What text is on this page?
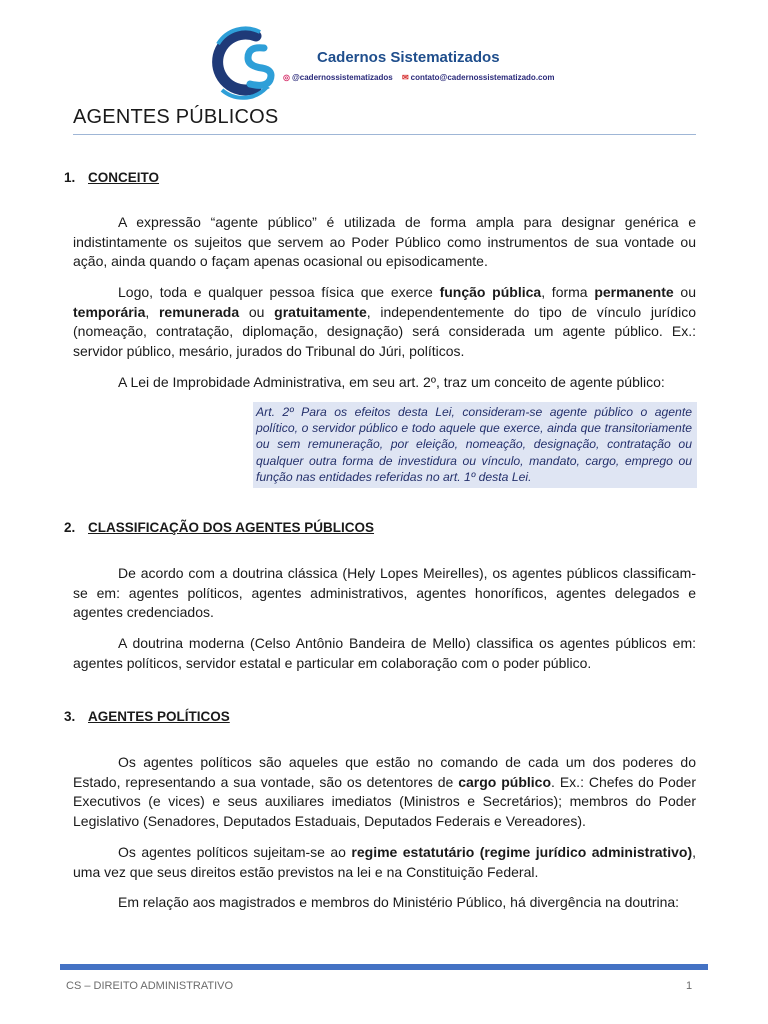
Cadernos Sistematizados
◎ @cadernossistematizados ✉ contato@cadernossistematizado.com
AGENTES PÚBLICOS
1. CONCEITO

A expressão “agente público” é utilizada de forma ampla para designar genérica e indistintamente os sujeitos que servem ao Poder Público como instrumentos de sua vontade ou ação, ainda quando o façam apenas ocasional ou episodicamente.

Logo, toda e qualquer pessoa física que exerce função pública, forma permanente ou temporária, remunerada ou gratuitamente, independentemente do tipo de vínculo jurídico (nomeação, contratação, diplomação, designação) será considerada um agente público. Ex.: servidor público, mesário, jurados do Tribunal do Júri, políticos.

A Lei de Improbidade Administrativa, em seu art. 2º, traz um conceito de agente público:

Art. 2º Para os efeitos desta Lei, consideram-se agente público o agente político, o servidor público e todo aquele que exerce, ainda que transitoriamente ou sem remuneração, por eleição, nomeação, designação, contratação ou qualquer outra forma de investidura ou vínculo, mandato, cargo, emprego ou função nas entidades referidas no art. 1º desta Lei.
2. CLASSIFICAÇÃO DOS AGENTES PÚBLICOS

De acordo com a doutrina clássica (Hely Lopes Meirelles), os agentes públicos classificam-se em: agentes políticos, agentes administrativos, agentes honoríficos, agentes delegados e agentes credenciados.

A doutrina moderna (Celso Antônio Bandeira de Mello) classifica os agentes públicos em: agentes políticos, servidor estatal e particular em colaboração com o poder público.

3. AGENTES POLÍTICOS

Os agentes políticos são aqueles que estão no comando de cada um dos poderes do Estado, representando a sua vontade, são os detentores de cargo público. Ex.: Chefes do Poder Executivos (e vices) e seus auxiliares imediatos (Ministros e Secretários); membros do Poder Legislativo (Senadores, Deputados Estaduais, Deputados Federais e Vereadores).

Os agentes políticos sujeitam-se ao regime estatutário (regime jurídico administrativo), uma vez que seus direitos estão previstos na lei e na Constituição Federal.

Em relação aos magistrados e membros do Ministério Público, há divergência na doutrina:

CS – DIREITO ADMINISTRATIVO	1
